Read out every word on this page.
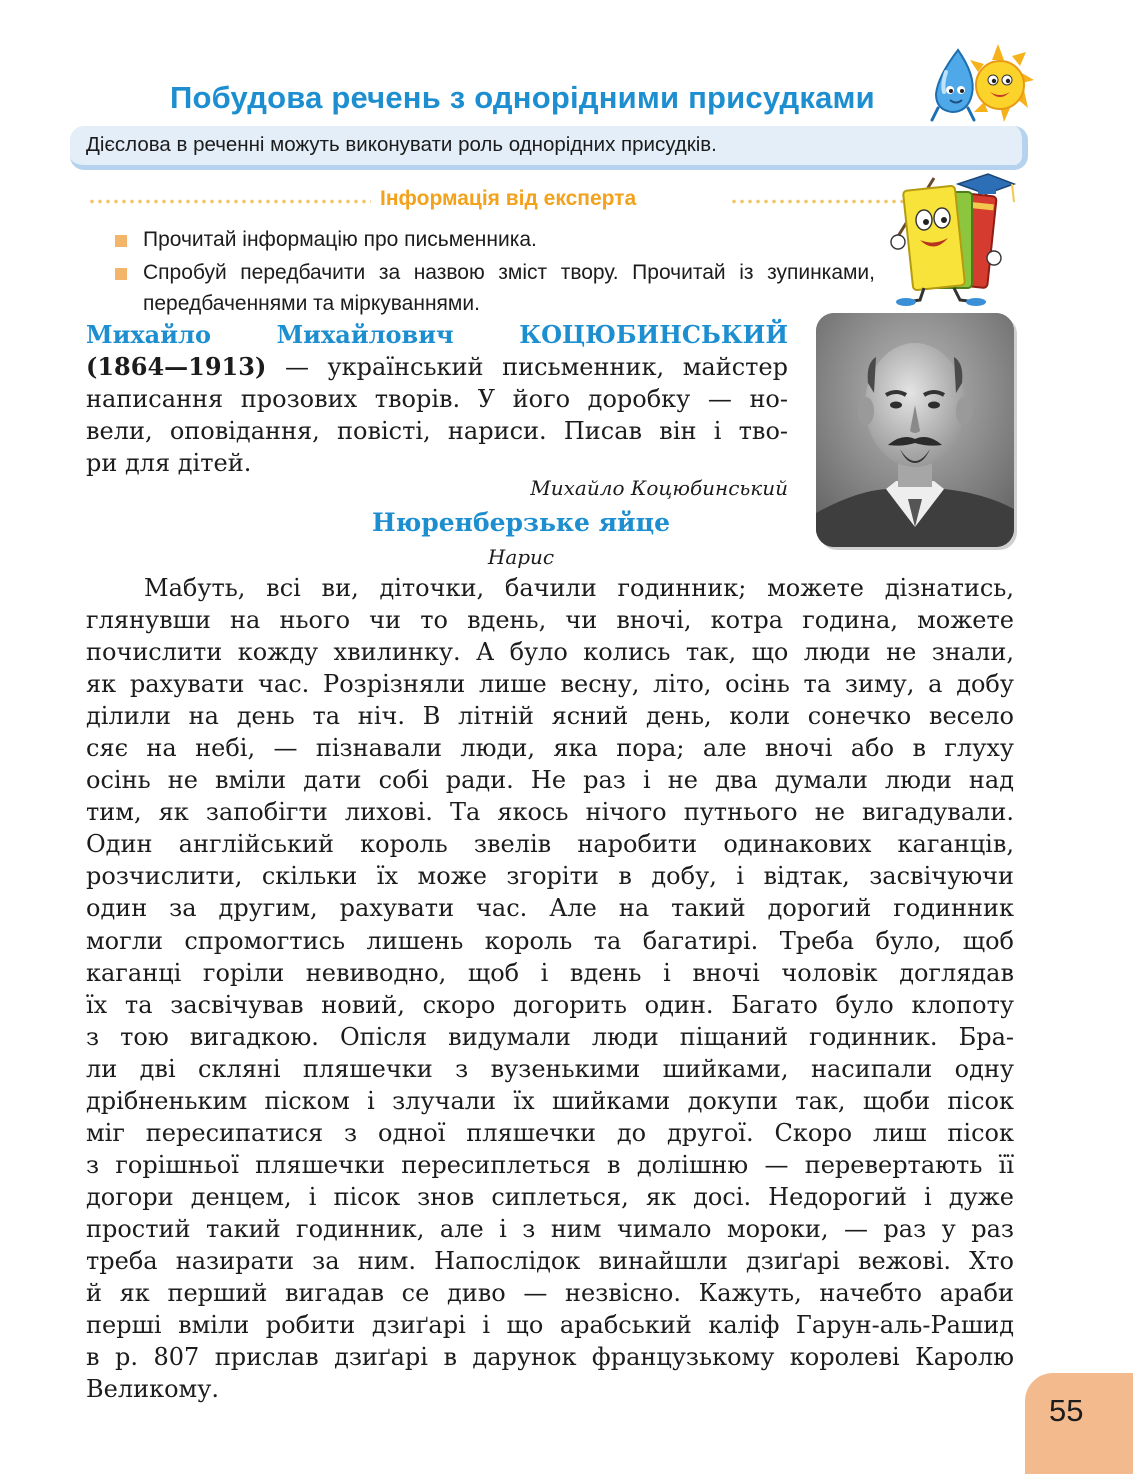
Побудова речень з однорідними присудками
Дієслова в реченні можуть виконувати роль однорідних присудків.
Інформація від експерта
Прочитай інформацію про письменника.
Спробуй передбачити за назвою зміст твору. Прочитай із зупинками, передбаченнями та міркуваннями.
Михайло Михайлович КОЦЮБИНСЬКИЙ
(1864—1913) — український письменник, майстер
написання прозових творів. У його доробку — но-
вели, оповідання, повісті, нариси. Писав він і тво-
ри для дітей.
Михайло Коцюбинський
Нюренберзьке яйце
Нарис
Мабуть, всі ви, діточки, бачили годинник; можете дізнатись,
глянувши на нього чи то вдень, чи вночі, котра година, можете
почислити кожду хвилинку. А було колись так, що люди не знали,
як рахувати час. Розрізняли лише весну, літо, осінь та зиму, а добу
ділили на день та ніч. В літній ясний день, коли сонечко весело
сяє на небі, — пізнавали люди, яка пора; але вночі або в глуху
осінь не вміли дати собі ради. Не раз і не два думали люди над
тим, як запобігти лихові. Та якось нічого путнього не вигадували.
Один англійський король звелів наробити одинакових каганців,
розчислити, скільки їх може згоріти в добу, і відтак, засвічуючи
один за другим, рахувати час. Але на такий дорогий годинник
могли спромогтись лишень король та багатирі. Треба було, щоб
каганці горіли невиводно, щоб і вдень і вночі чоловік доглядав
їх та засвічував новий, скоро догорить один. Багато було клопоту
з тою вигадкою. Опісля видумали люди піщаний годинник. Бра-
ли дві скляні пляшечки з вузенькими шийками, насипали одну
дрібненьким піском і злучали їх шийками докупи так, щоби пісок
міг пересипатися з одної пляшечки до другої. Скоро лиш пісок
з горішньої пляшечки пересиплеться в долішню — перевертають її
догори денцем, і пісок знов сиплеться, як досі. Недорогий і дуже
простий такий годинник, але і з ним чимало мороки, — раз у раз
треба назирати за ним. Напослідок винайшли дзиґарі вежові. Хто
й як перший вигадав се диво — незвісно. Кажуть, начебто араби
перші вміли робити дзиґарі і що арабський каліф Гарун-аль-Рашид
в р. 807 прислав дзиґарі в дарунок французькому королеві Каролю
Великому.
55
